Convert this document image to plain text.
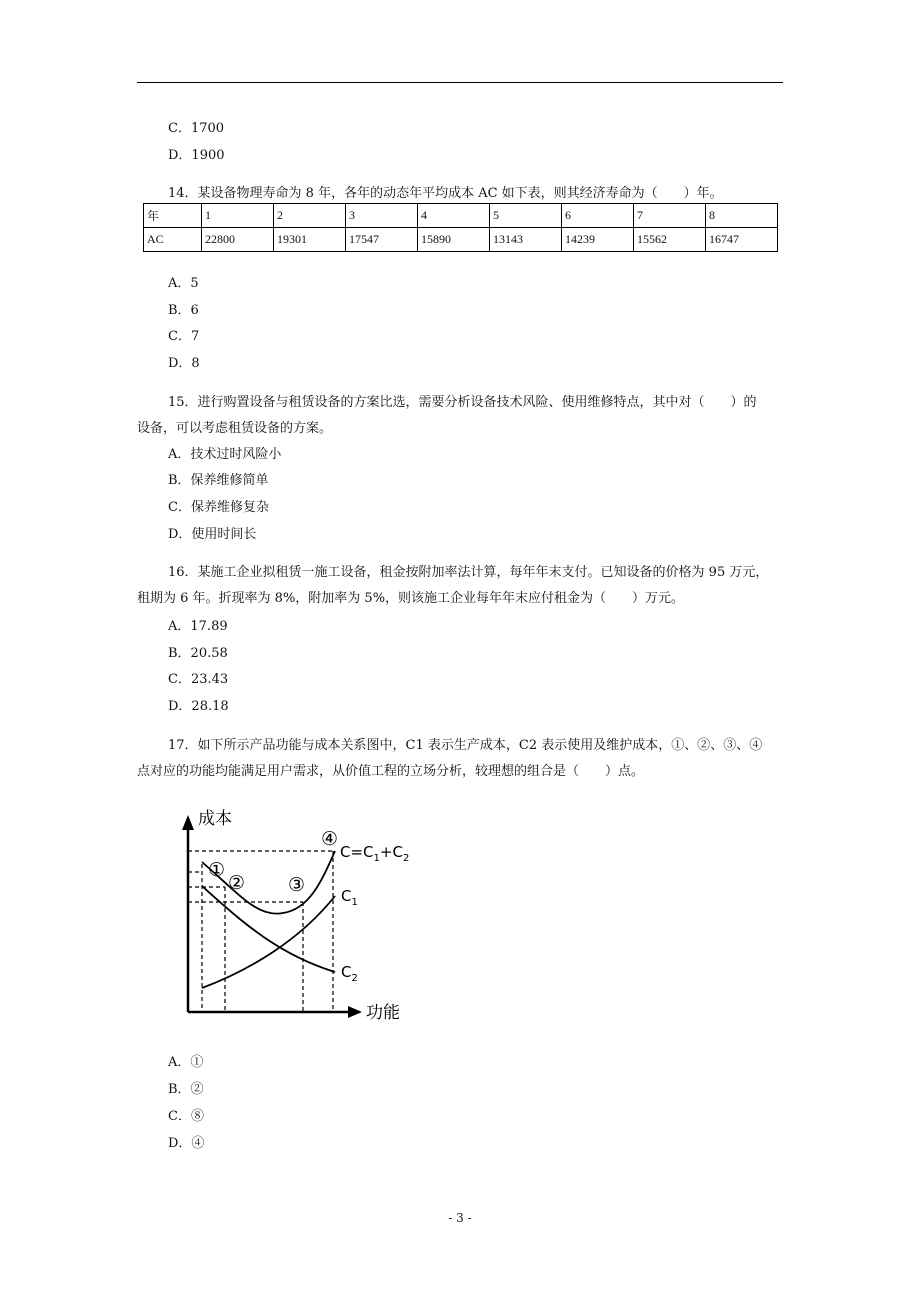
C．1700
D．1900
14．某设备物理寿命为 8 年，各年的动态年平均成本 AC 如下表，则其经济寿命为（　　）年。
年	1	2	3	4	5	6	7	8
AC	22800	19301	17547	15890	13143	14239	15562	16747
A．5
B．6
C．7
D．8
15．进行购置设备与租赁设备的方案比选，需要分析设备技术风险、使用维修特点，其中对（　　）的
设备，可以考虑租赁设备的方案。
A．技术过时风险小
B．保养维修简单
C．保养维修复杂
D．使用时间长
16．某施工企业拟租赁一施工设备，租金按附加率法计算，每年年末支付。已知设备的价格为 95 万元，
租期为 6 年。折现率为 8%，附加率为 5%，则该施工企业每年年末应付租金为（　　）万元。
A．17.89
B．20.58
C．23.43
D．28.18
17．如下所示产品功能与成本关系图中，C1 表示生产成本，C2 表示使用及维护成本，①、②、③、④
点对应的功能均能满足用户需求，从价值工程的立场分析，较理想的组合是（　　）点。
成本
功能
①
② ③
④
$C=C_1+C_2$
$C_1$
$C_2$
A．①
B．②
C．⑧
D．④
- 3 -
